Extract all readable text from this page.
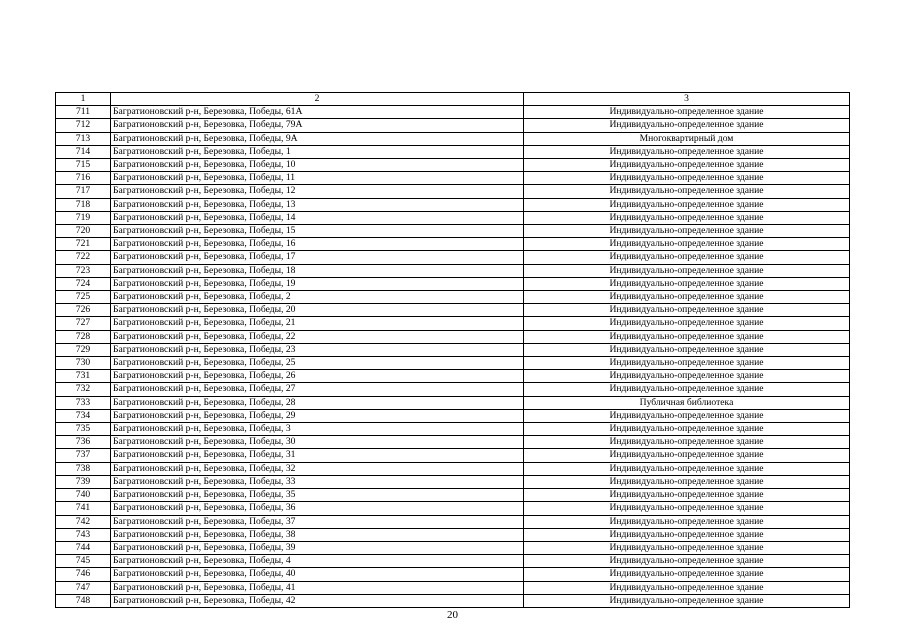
1	2	3
711	Багратионовский р-н, Березовка, Победы, 61А	Индивидуально-определенное здание
712	Багратионовский р-н, Березовка, Победы, 79А	Индивидуально-определенное здание
713	Багратионовский р-н, Березовка, Победы, 9А	Многоквартирный дом
714	Багратионовский р-н, Березовка, Победы, 1	Индивидуально-определенное здание
715	Багратионовский р-н, Березовка, Победы, 10	Индивидуально-определенное здание
716	Багратионовский р-н, Березовка, Победы, 11	Индивидуально-определенное здание
717	Багратионовский р-н, Березовка, Победы, 12	Индивидуально-определенное здание
718	Багратионовский р-н, Березовка, Победы, 13	Индивидуально-определенное здание
719	Багратионовский р-н, Березовка, Победы, 14	Индивидуально-определенное здание
720	Багратионовский р-н, Березовка, Победы, 15	Индивидуально-определенное здание
721	Багратионовский р-н, Березовка, Победы, 16	Индивидуально-определенное здание
722	Багратионовский р-н, Березовка, Победы, 17	Индивидуально-определенное здание
723	Багратионовский р-н, Березовка, Победы, 18	Индивидуально-определенное здание
724	Багратионовский р-н, Березовка, Победы, 19	Индивидуально-определенное здание
725	Багратионовский р-н, Березовка, Победы, 2	Индивидуально-определенное здание
726	Багратионовский р-н, Березовка, Победы, 20	Индивидуально-определенное здание
727	Багратионовский р-н, Березовка, Победы, 21	Индивидуально-определенное здание
728	Багратионовский р-н, Березовка, Победы, 22	Индивидуально-определенное здание
729	Багратионовский р-н, Березовка, Победы, 23	Индивидуально-определенное здание
730	Багратионовский р-н, Березовка, Победы, 25	Индивидуально-определенное здание
731	Багратионовский р-н, Березовка, Победы, 26	Индивидуально-определенное здание
732	Багратионовский р-н, Березовка, Победы, 27	Индивидуально-определенное здание
733	Багратионовский р-н, Березовка, Победы, 28	Публичная библиотека
734	Багратионовский р-н, Березовка, Победы, 29	Индивидуально-определенное здание
735	Багратионовский р-н, Березовка, Победы, 3	Индивидуально-определенное здание
736	Багратионовский р-н, Березовка, Победы, 30	Индивидуально-определенное здание
737	Багратионовский р-н, Березовка, Победы, 31	Индивидуально-определенное здание
738	Багратионовский р-н, Березовка, Победы, 32	Индивидуально-определенное здание
739	Багратионовский р-н, Березовка, Победы, 33	Индивидуально-определенное здание
740	Багратионовский р-н, Березовка, Победы, 35	Индивидуально-определенное здание
741	Багратионовский р-н, Березовка, Победы, 36	Индивидуально-определенное здание
742	Багратионовский р-н, Березовка, Победы, 37	Индивидуально-определенное здание
743	Багратионовский р-н, Березовка, Победы, 38	Индивидуально-определенное здание
744	Багратионовский р-н, Березовка, Победы, 39	Индивидуально-определенное здание
745	Багратионовский р-н, Березовка, Победы, 4	Индивидуально-определенное здание
746	Багратионовский р-н, Березовка, Победы, 40	Индивидуально-определенное здание
747	Багратионовский р-н, Березовка, Победы, 41	Индивидуально-определенное здание
748	Багратионовский р-н, Березовка, Победы, 42	Индивидуально-определенное здание
20
